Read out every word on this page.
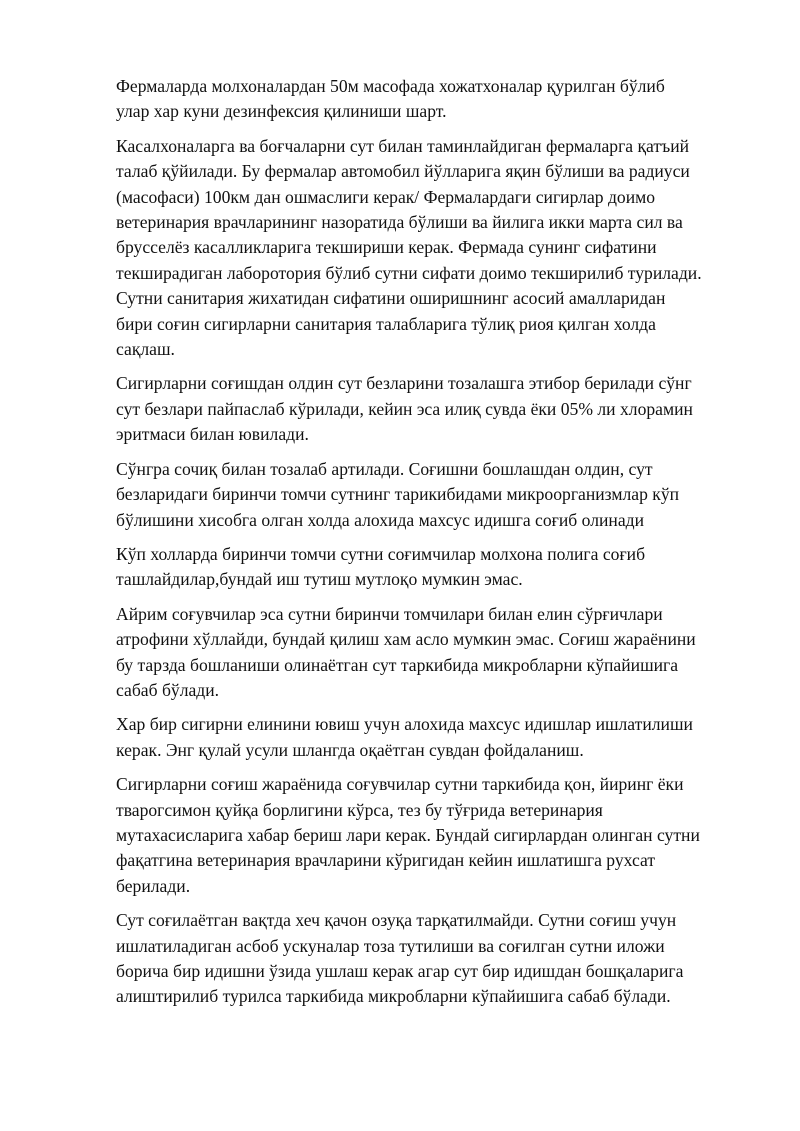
Фермаларда молхоналардан 50м масофада хожатхоналар қурилган бўлиб
улар хар куни дезинфексия қилиниши шарт.

Касалхоналарга ва боғчаларни сут билан таминлайдиган фермаларга қатъий
талаб қўйилади. Бу фермалар автомобил йўлларига яқин бўлиши ва радиуси
(масофаси) 100км дан ошмаслиги керак/ Фермалардаги сигирлар доимо
ветеринария врачларининг назоратида бўлиши ва йилига икки марта сил ва
брусселёз касалликларига текшириши керак. Фермада сунинг сифатини
текширадиган лаборотория бўлиб сутни сифати доимо текширилиб турилади.
Сутни санитария жихатидан сифатини оширишнинг асосий амалларидан
бири соғин сигирларни санитария талабларига тўлиқ риоя қилган холда
сақлаш.

Сигирларни соғишдан олдин сут безларини тозалашга этибор берилади сўнг
сут безлари пайпаслаб кўрилади, кейин эса илиқ сувда ёки 05% ли хлорамин
эритмаси билан ювилади.

Сўнгра сочиқ билан тозалаб артилади. Соғишни бошлашдан олдин, сут
безларидаги биринчи томчи сутнинг тарикибидами микроорганизмлар кўп
бўлишини хисобга олган холда алохида махсус идишга соғиб олинади

Кўп холларда биринчи томчи сутни соғимчилар молхона полига соғиб
ташлайдилар,бундай иш тутиш мутлоқо мумкин эмас.

Айрим соғувчилар эса сутни биринчи томчилари билан елин сўрғичлари
атрофини хўллайди, бундай қилиш хам асло мумкин эмас. Соғиш жараёнини
бу тарзда бошланиши олинаётган сут таркибида микробларни кўпайишига
сабаб бўлади.

Хар бир сигирни елинини ювиш учун алохида махсус идишлар ишлатилиши
керак. Энг қулай усули шлангда оқаётган сувдан фойдаланиш.

Сигирларни соғиш жараёнида соғувчилар сутни таркибида қон, йиринг ёки
тварогсимон қуйқа борлигини кўрса, тез бу тўғрида ветеринария
мутахасисларига хабар бериш лари керак. Бундай сигирлардан олинган сутни
фақатгина ветеринария врачларини кўригидан кейин ишлатишга рухсат
берилади.

Сут соғилаётган вақтда хеч қачон озуқа тарқатилмайди. Сутни соғиш учун
ишлатиладиган асбоб ускуналар тоза тутилиши ва соғилган сутни иложи
борича бир идишни ўзида ушлаш керак агар сут бир идишдан бошқаларига
алиштирилиб турилса таркибида микробларни кўпайишига сабаб бўлади.
